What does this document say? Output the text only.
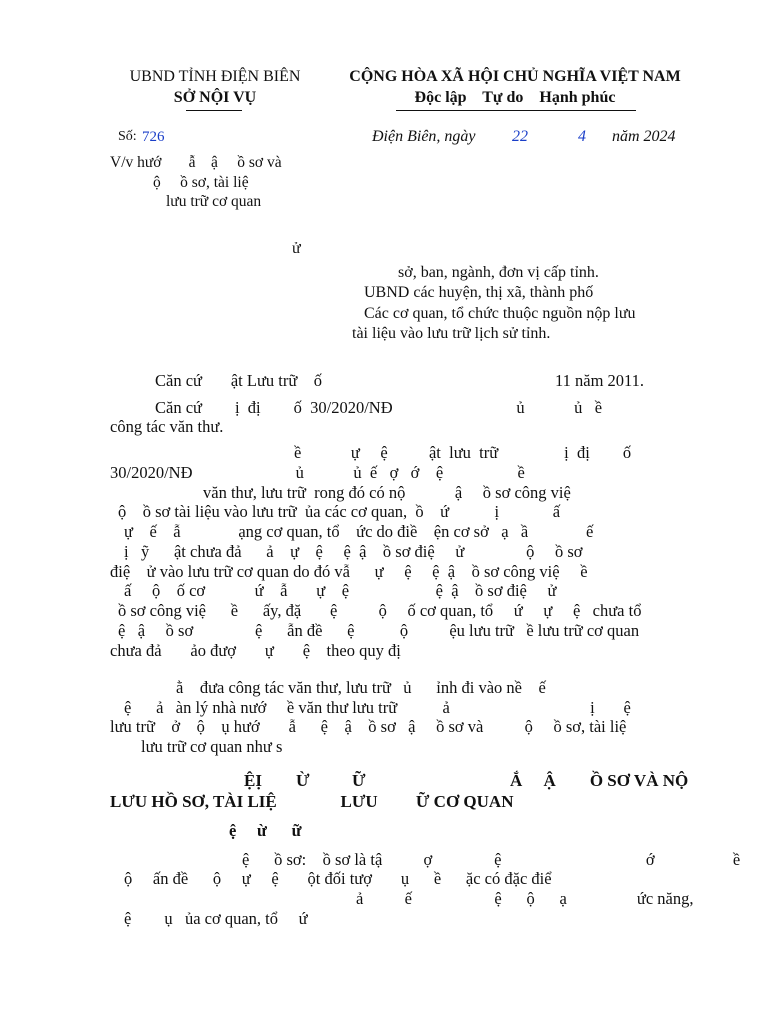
UBND TỈNH ĐIỆN BIÊN
SỞ NỘI VỤ
CỘNG HÒA XÃ HỘI CHỦ NGHĨA VIỆT NAM
Độc lập    Tự do    Hạnh phúc
Số: 726	Điện Biên, ngày 22	4 năm 2024
V/v hướ       ẫ    ậ     ồ sơ và
ộ     ồ sơ, tài liệ
lưu trữ cơ quan
ử
sở, ban, ngành, đơn vị cấp tỉnh.
UBND các huyện, thị xã, thành phố
Các cơ quan, tổ chức thuộc nguồn nộp lưu
tài liệu vào lưu trữ lịch sử tỉnh.
Căn cứ       ật Lưu trữ    ố	11 năm 2011.
Căn cứ        ị  đị        ố  30/2020/NĐ                              ủ            ủ   ề
công tác văn thư.
ề            ự     ệ          ật  lưu  trữ                ị  đị        ố
30/2020/NĐ                         ủ            ủ  ế   ợ   ớ    ệ                  ề
văn thư, lưu trữ  rong đó có nộ            ậ     ồ sơ công việ
ộ    ồ sơ tài liệu vào lưu trữ  ủa các cơ quan,  ồ    ứ           ị             ấ
ự    ế    ẫ              ạng cơ quan, tổ    ức do điề    ện cơ sở   ạ   ầ              ế
ị   ỹ      ật chưa đả      ả    ự    ệ     ệ  ậ    ồ sơ điệ     ử               ộ     ồ sơ
điệ    ử vào lưu trữ cơ quan do đó vẫ      ự     ệ     ệ  ậ    ồ sơ công việ     ề
ấ     ộ    ố cơ            ứ    ẫ       ự    ệ                     ệ  ậ    ồ sơ điệ     ử
ồ sơ công việ      ề      ấy, đặ       ệ          ộ     ố cơ quan, tổ     ứ     ự     ệ   chưa tổ
ệ   ậ     ồ sơ               ệ      ẫn đề      ệ           ộ          ệu lưu trữ   ề lưu trữ cơ quan
chưa đả       ảo đượ       ự       ệ    theo quy đị
ằ    đưa công tác văn thư, lưu trữ   ủ      ỉnh đi vào nề    ế
ệ      ả   àn lý nhà nướ     ề văn thư lưu trữ           ả                                  ị       ệ
lưu trữ    ở    ộ    ụ hướ       ẫ      ệ    ậ    ồ sơ   ậ     ồ sơ và          ộ     ồ sơ, tài liệ
lưu trữ cơ quan như s
ỆỊ        Ừ          Ữ                                  Ắ     Ậ        Ồ SƠ VÀ NỘ
LƯU HỒ SƠ, TÀI LIỆ               LƯU         Ữ CƠ QUAN
ệ     ừ      ữ
ệ      ồ sơ:    ồ sơ là tậ          ợ               ệ                                   ớ                   ề
ộ     ấn đề      ộ     ự     ệ       ột đối tượ       ụ      ề      ặc có đặc điể
ả          ế                    ệ      ộ      ạ                 ức năng,
ệ        ụ   ủa cơ quan, tổ     ứ
